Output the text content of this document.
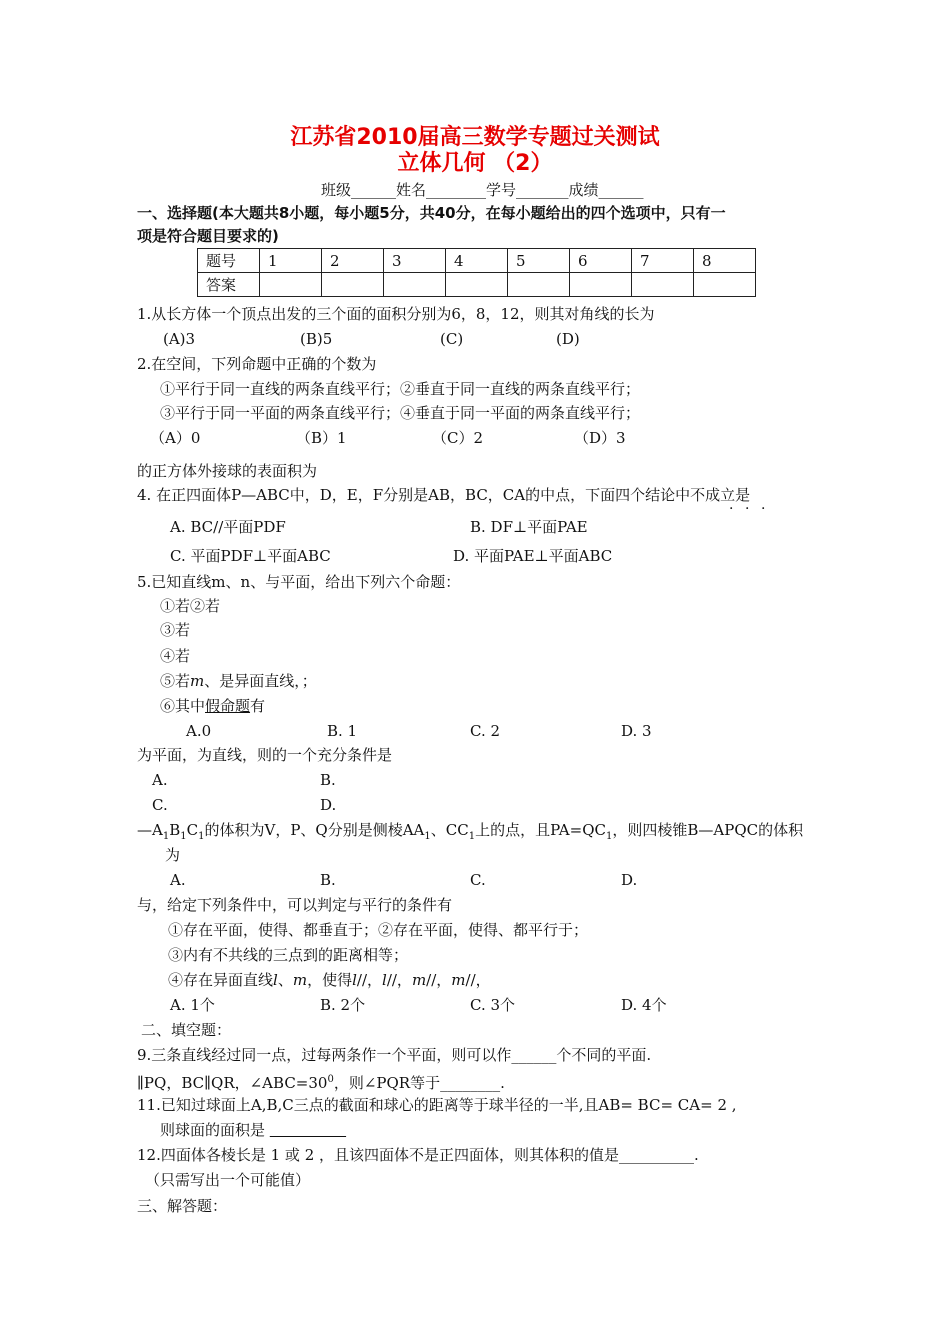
江苏省2010届高三数学专题过关测试
立体几何 （2）
班级______姓名________学号_______成绩______
一、选择题(本大题共8小题，每小题5分，共40分，在每小题给出的四个选项中，只有一
项是符合题目要求的)
题号	1	2	3	4	5	6	7	8
答案								
1.从长方体一个顶点出发的三个面的面积分别为6，8，12，则其对角线的长为
(A)3	(B)5	(C)	(D)
2.在空间，下列命题中正确的个数为
①平行于同一直线的两条直线平行；②垂直于同一直线的两条直线平行；
③平行于同一平面的两条直线平行；④垂直于同一平面的两条直线平行；
（A）0	（B）1	（C）2	（D）3
的正方体外接球的表面积为
4. 在正四面体P—ABC中，D，E，F分别是AB，BC，CA的中点，下面四个结论中不成立是
· · ·
A. BC//平面PDF	B. DF⊥平面PAE
C. 平面PDF⊥平面ABC	D. 平面PAE⊥平面ABC
5.已知直线m、n、与平面，给出下列六个命题：
①若②若
③若
④若
⑤若m、是异面直线，；
⑥其中假命题有
A.0	B. 1	C. 2	D. 3
为平面，为直线，则的一个充分条件是
A.	B.
C.	D.
$—A_1B_1C_1$的体积为V，P、Q分别是侧棱$AA_1$、$CC_1$上的点，且$PA=QC_1$，则四棱锥B—APQC的体积
为
A.	B.	C.	D.
与，给定下列条件中，可以判定与平行的条件有
①存在平面，使得、都垂直于；②存在平面，使得、都平行于；
③内有不共线的三点到的距离相等；
④存在异面直线l、m，使得l//，l//，m//，m//，
A. 1个	B. 2个	C. 3个	D. 4个
二、填空题：
9.三条直线经过同一点，过每两条作一个平面，则可以作______个不同的平面.
∥PQ，BC∥QR，$\angle ABC=30^0$，则∠PQR等于________.
11.已知过球面上A,B,C三点的截面和球心的距离等于球半径的一半,且AB= BC= CA= 2 ,
则球面的面积是
12.四面体各棱长是 1 或 2 ，且该四面体不是正四面体，则其体积的值是__________.
（只需写出一个可能值）
三、解答题：
